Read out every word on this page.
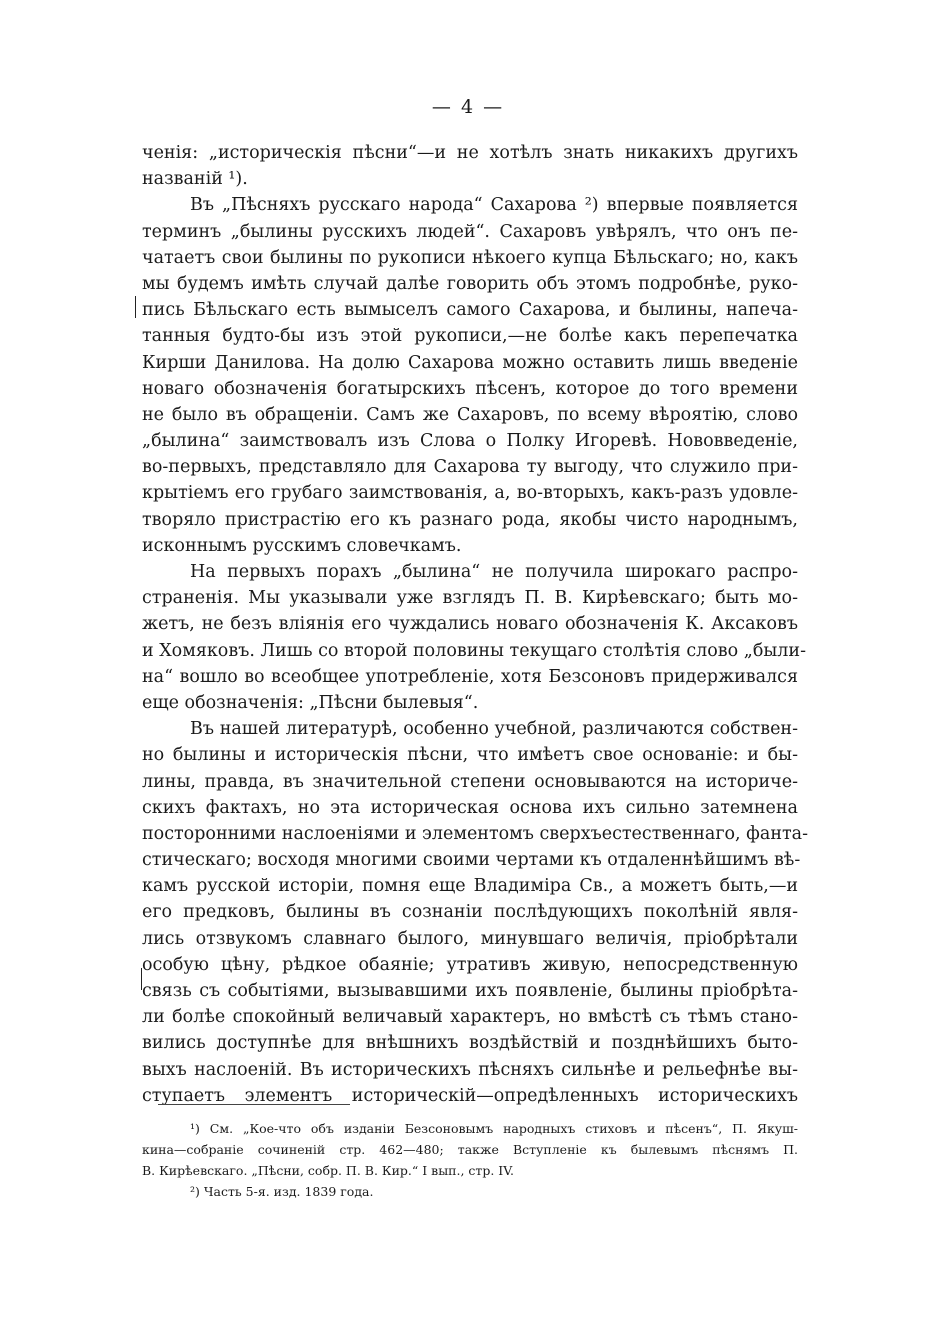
— 4 —
ченія: „историческія пѣсни“—и не хотѣлъ знать никакихъ другихъ
названій ¹).
Въ „Пѣсняхъ русскаго народа“ Сахарова ²) впервые появляется
терминъ „былины русскихъ людей“. Сахаровъ увѣрялъ, что онъ пе-
чатаетъ свои былины по рукописи нѣкоего купца Бѣльскаго; но, какъ
мы будемъ имѣть случай далѣе говорить объ этомъ подробнѣе, руко-
пись Бѣльскаго есть вымыселъ самого Сахарова, и былины, напеча-
танныя будто-бы изъ этой рукописи,—не болѣе какъ перепечатка
Кирши Данилова. На долю Сахарова можно оставить лишь введеніе
новаго обозначенія богатырскихъ пѣсенъ, которое до того времени
не было въ обращеніи. Самъ же Сахаровъ, по всему вѣроятію, слово
„былина“ заимствовалъ изъ Слова о Полку Игоревѣ. Нововведеніе,
во-первыхъ, представляло для Сахарова ту выгоду, что служило при-
крытіемъ его грубаго заимствованія, а, во-вторыхъ, какъ-разъ удовле-
творяло пристрастію его къ разнаго рода, якобы чисто народнымъ,
исконнымъ русскимъ словечкамъ.
На первыхъ порахъ „былина“ не получила широкаго распро-
страненія. Мы указывали уже взглядъ П. В. Кирѣевскаго; быть мо-
жетъ, не безъ вліянія его чуждались новаго обозначенія К. Аксаковъ
и Хомяковъ. Лишь со второй половины текущаго столѣтія слово „были-
на“ вошло во всеобщее употребленіе, хотя Безсоновъ придерживался
еще обозначенія: „Пѣсни былевыя“.
Въ нашей литературѣ, особенно учебной, различаются собствен-
но былины и историческія пѣсни, что имѣетъ свое основаніе: и бы-
лины, правда, въ значительной степени основываются на историче-
скихъ фактахъ, но эта историческая основа ихъ сильно затемнена
посторонними наслоеніями и элементомъ сверхъестественнаго, фанта-
стическаго; восходя многими своими чертами къ отдаленнѣйшимъ вѣ-
камъ русской исторіи, помня еще Владиміра Св., а можетъ быть,—и
его предковъ, былины въ сознаніи послѣдующихъ поколѣній явля-
лись отзвукомъ славнаго былого, минувшаго величія, пріобрѣтали
особую цѣну, рѣдкое обаяніе; утративъ живую, непосредственную
связь съ событіями, вызывавшими ихъ появленіе, былины пріобрѣта-
ли болѣе спокойный величавый характеръ, но вмѣстѣ съ тѣмъ стано-
вились доступнѣе для внѣшнихъ воздѣйствій и позднѣйшихъ быто-
выхъ наслоеній. Въ историческихъ пѣсняхъ сильнѣе и рельефнѣе вы-
ступаетъ элементъ историческій—опредѣленныхъ историческихъ
¹) См. „Кое-что объ изданіи Безсоновымъ народныхъ стиховъ и пѣсенъ“, П. Якуш-
кина—собраніе сочиненій стр. 462—480; также Вступленіе къ былевымъ пѣснямъ П.
В. Кирѣевскаго. „Пѣсни, собр. П. В. Кир.“ I вып., стр. IV.
²) Часть 5-я. изд. 1839 года.
